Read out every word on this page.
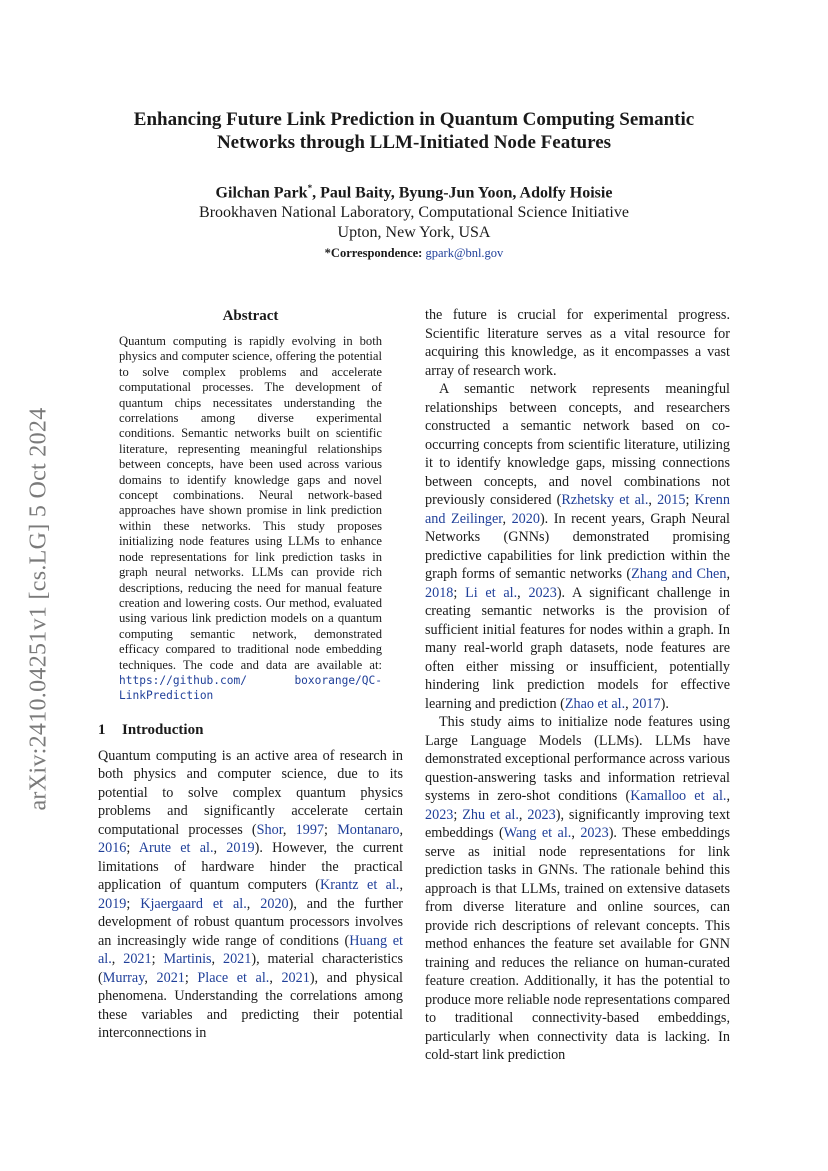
Enhancing Future Link Prediction in Quantum Computing Semantic
Networks through LLM-Initiated Node Features
Gilchan Park*, Paul Baity, Byung-Jun Yoon, Adolfy Hoisie
Brookhaven National Laboratory, Computational Science Initiative
Upton, New York, USA
*Correspondence: gpark@bnl.gov
arXiv:2410.04251v1 [cs.LG] 5 Oct 2024
Abstract
Quantum computing is rapidly evolving in both physics and computer science, offering the potential to solve complex problems and accelerate computational processes. The development of quantum chips necessitates understanding the correlations among diverse experimental conditions. Semantic networks built on scientific literature, representing meaningful relationships between concepts, have been used across various domains to identify knowledge gaps and novel concept combinations. Neural network-based approaches have shown promise in link prediction within these networks. This study proposes initializing node features using LLMs to enhance node representations for link prediction tasks in graph neural networks. LLMs can provide rich descriptions, reducing the need for manual feature creation and lowering costs. Our method, evaluated using various link prediction models on a quantum computing semantic network, demonstrated efficacy compared to traditional node embedding techniques. The code and data are available at: https://github.com/	boxorange/QC-LinkPrediction
1 Introduction

Quantum computing is an active area of research in both physics and computer science, due to its potential to solve complex quantum physics problems and significantly accelerate certain computational processes (Shor, 1997; Montanaro, 2016; Arute et al., 2019). However, the current limitations of hardware hinder the practical application of quantum computers (Krantz et al., 2019; Kjaergaard et al., 2020), and the further development of robust quantum processors involves an increasingly wide range of conditions (Huang et al., 2021; Martinis, 2021), material characteristics (Murray, 2021; Place et al., 2021), and physical phenomena. Understanding the correlations among these variables and predicting their potential interconnections in

the future is crucial for experimental progress. Scientific literature serves as a vital resource for acquiring this knowledge, as it encompasses a vast array of research work.

A semantic network represents meaningful relationships between concepts, and researchers constructed a semantic network based on co-occurring concepts from scientific literature, utilizing it to identify knowledge gaps, missing connections between concepts, and novel combinations not previously considered (Rzhetsky et al., 2015; Krenn and Zeilinger, 2020). In recent years, Graph Neural Networks (GNNs) demonstrated promising predictive capabilities for link prediction within the graph forms of semantic networks (Zhang and Chen, 2018; Li et al., 2023). A significant challenge in creating semantic networks is the provision of sufficient initial features for nodes within a graph. In many real-world graph datasets, node features are often either missing or insufficient, potentially hindering link prediction models for effective learning and prediction (Zhao et al., 2017).

This study aims to initialize node features using Large Language Models (LLMs). LLMs have demonstrated exceptional performance across various question-answering tasks and information retrieval systems in zero-shot conditions (Kamalloo et al., 2023; Zhu et al., 2023), significantly improving text embeddings (Wang et al., 2023). These embeddings serve as initial node representations for link prediction tasks in GNNs. The rationale behind this approach is that LLMs, trained on extensive datasets from diverse literature and online sources, can provide rich descriptions of relevant concepts. This method enhances the feature set available for GNN training and reduces the reliance on human-curated feature creation. Additionally, it has the potential to produce more reliable node representations compared to traditional connectivity-based embeddings, particularly when connectivity data is lacking. In cold-start link prediction
